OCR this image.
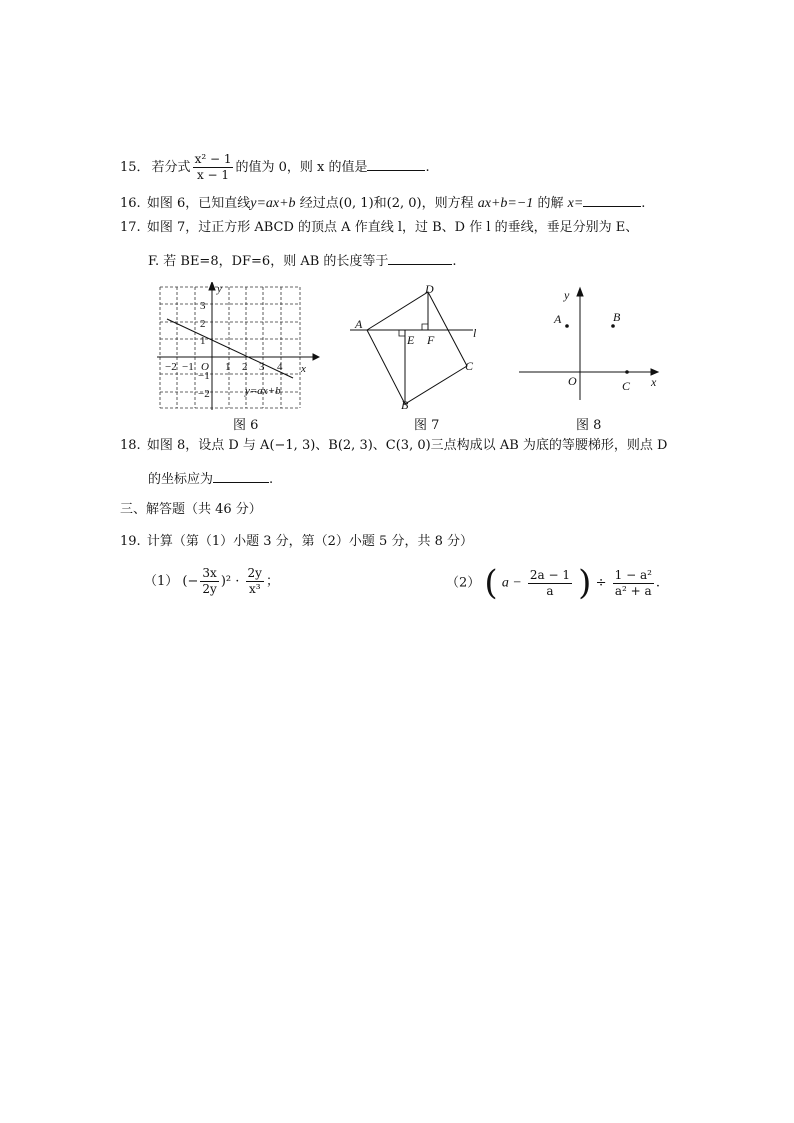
15． 若分式 $\frac{\text{x² − 1}}{x - 1}$ 的值为 0，则 x 的值是	.
16. 如图 6，已知直线y=ax+b 经过点(0, 1)和(2, 0)，则方程 ax+b=−1 的解 x=	.
17. 如图 7，过正方形 ABCD 的顶点 A 作直线 l，过 B、D 作 l 的垂线，垂足分别为 E、
F. 若 BE=8，DF=6，则 AB 的长度等于	.
y
x
O
−2 −1	1 2 3 4
3
2
1
−1
−2	y=ax+b
图 6
A
D
E F	l
C
B
图 7
y
A	B
O	C x
图 8
18. 如图 8，设点 D 与 A(−1, 3)、B(2, 3)、C(3, 0)三点构成以 AB 为底的等腰梯形，则点 D
的坐标应为	.
三、解答题（共 46 分）
19. 计算（第（1）小题 3 分，第（2）小题 5 分，共 8 分）
（1） (− $\frac{3x}{2y} )^2 \cdot \frac{2y}{\text{x³}}$ ；	（2） ( $a - \frac{2a - 1}{a}$ ) ÷ $\frac{\text{1 − a²}}{\text{a² + a}}$ .
